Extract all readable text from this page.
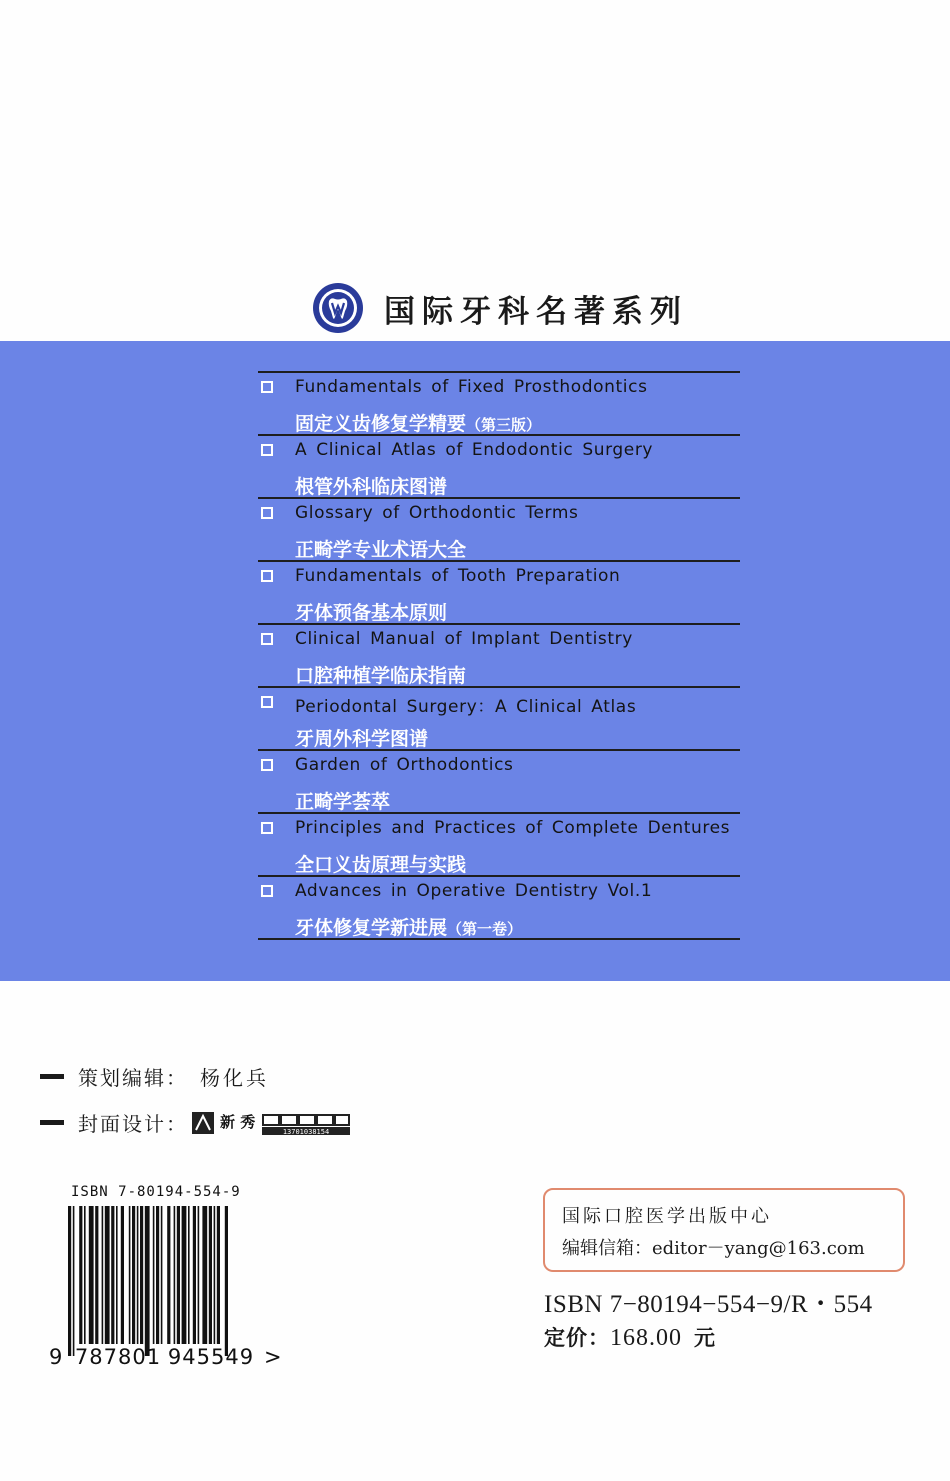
国际牙科名著系列
Fundamentals of Fixed Prosthodontics
固定义齿修复学精要（第三版）
A Clinical Atlas of Endodontic Surgery
根管外科临床图谱
Glossary of Orthodontic Terms
正畸学专业术语大全
Fundamentals of Tooth Preparation
牙体预备基本原则
Clinical Manual of Implant Dentistry
口腔种植学临床指南
Periodontal Surgery：A Clinical Atlas
牙周外科学图谱
Garden of Orthodontics
正畸学荟萃
Principles and Practices of Complete Dentures
全口义齿原理与实践
Advances in Operative Dentistry Vol.1
牙体修复学新进展（第一卷）
策划编辑： 杨化兵
封面设计： 新 秀
13701038154
ISBN 7-80194-554-9
9 787801 945549 >
国际口腔医学出版中心
编辑信箱：editor－yang@163.com
ISBN 7−80194−554−9/R・554
定价：168.00 元
